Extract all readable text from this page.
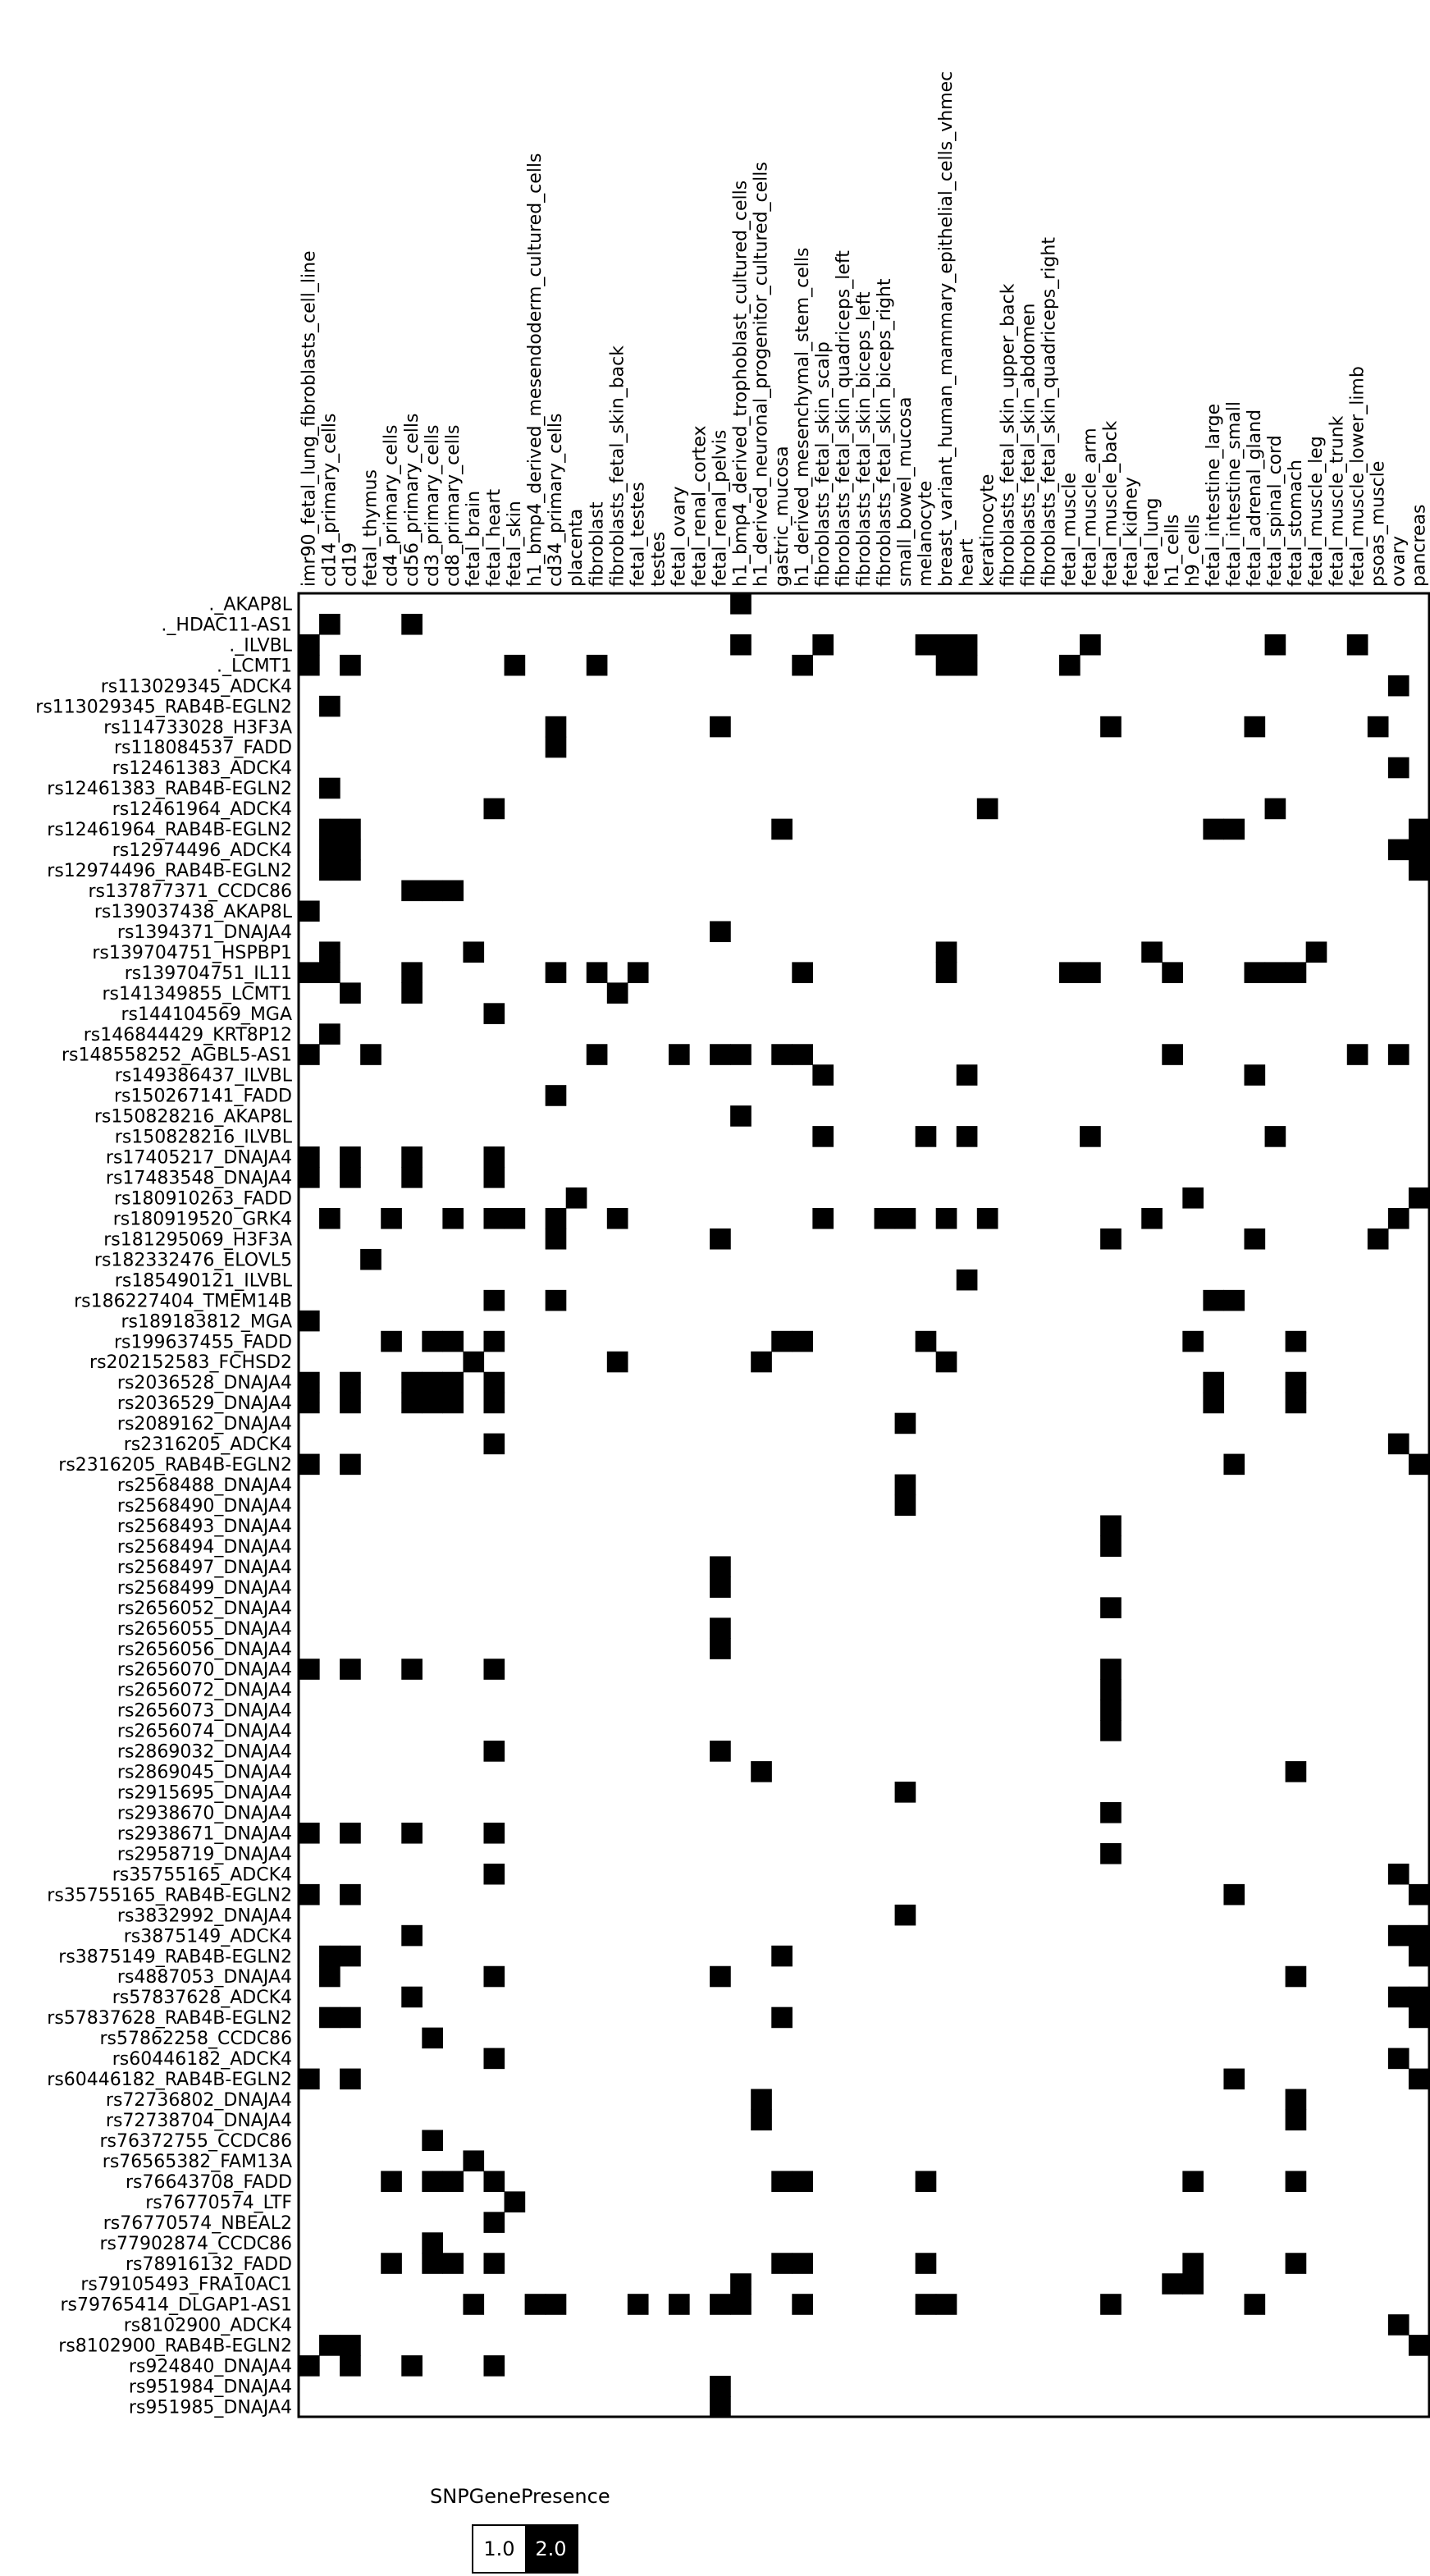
imr90_fetal_lung_fibroblasts_cell_line cd14_primary_cells cd19 fetal_thymus cd4_primary_cells cd56_primary_cells cd3_primary_cells cd8_primary_cells fetal_brain fetal_heart fetal_skin h1_bmp4_derived_mesendoderm_cultured_cells cd34_primary_cells placenta fibroblast fibroblasts_fetal_skin_back fetal_testes testes fetal_ovary fetal_renal_cortex fetal_renal_pelvis h1_bmp4_derived_trophoblast_cultured_cells h1_derived_neuronal_progenitor_cultured_cells gastric_mucosa h1_derived_mesenchymal_stem_cells fibroblasts_fetal_skin_scalp fibroblasts_fetal_skin_quadriceps_left fibroblasts_fetal_skin_biceps_left fibroblasts_fetal_skin_biceps_right small_bowel_mucosa melanocyte breast_variant_human_mammary_epithelial_cells_vhmec heart keratinocyte fibroblasts_fetal_skin_upper_back fibroblasts_fetal_skin_abdomen fibroblasts_fetal_skin_quadriceps_right fetal_muscle fetal_muscle_arm fetal_muscle_back fetal_kidney fetal_lung h1_cells h9_cells fetal_intestine_large fetal_intestine_small fetal_adrenal_gland fetal_spinal_cord fetal_stomach fetal_muscle_leg fetal_muscle_trunk fetal_muscle_lower_limb psoas_muscle ovary pancreas
._AKAP8L
._HDAC11-AS1
._ILVBL
._LCMT1
rs113029345_ADCK4
rs113029345_RAB4B-EGLN2
rs114733028_H3F3A
rs118084537_FADD
rs12461383_ADCK4
rs12461383_RAB4B-EGLN2
rs12461964_ADCK4
rs12461964_RAB4B-EGLN2
rs12974496_ADCK4
rs12974496_RAB4B-EGLN2
rs137877371_CCDC86
rs139037438_AKAP8L
rs1394371_DNAJA4
rs139704751_HSPBP1
rs139704751_IL11
rs141349855_LCMT1
rs144104569_MGA
rs146844429_KRT8P12
rs148558252_AGBL5-AS1
rs149386437_ILVBL
rs150267141_FADD
rs150828216_AKAP8L
rs150828216_ILVBL
rs17405217_DNAJA4
rs17483548_DNAJA4
rs180910263_FADD
rs180919520_GRK4
rs181295069_H3F3A
rs182332476_ELOVL5
rs185490121_ILVBL
rs186227404_TMEM14B
rs189183812_MGA
rs199637455_FADD
rs202152583_FCHSD2
rs2036528_DNAJA4
rs2036529_DNAJA4
rs2089162_DNAJA4
rs2316205_ADCK4
rs2316205_RAB4B-EGLN2
rs2568488_DNAJA4
rs2568490_DNAJA4
rs2568493_DNAJA4
rs2568494_DNAJA4
rs2568497_DNAJA4
rs2568499_DNAJA4
rs2656052_DNAJA4
rs2656055_DNAJA4
rs2656056_DNAJA4
rs2656070_DNAJA4
rs2656072_DNAJA4
rs2656073_DNAJA4
rs2656074_DNAJA4
rs2869032_DNAJA4
rs2869045_DNAJA4
rs2915695_DNAJA4
rs2938670_DNAJA4
rs2938671_DNAJA4
rs2958719_DNAJA4
rs35755165_ADCK4
rs35755165_RAB4B-EGLN2
rs3832992_DNAJA4
rs3875149_ADCK4
rs3875149_RAB4B-EGLN2
rs4887053_DNAJA4
rs57837628_ADCK4
rs57837628_RAB4B-EGLN2
rs57862258_CCDC86
rs60446182_ADCK4
rs60446182_RAB4B-EGLN2
rs72736802_DNAJA4
rs72738704_DNAJA4
rs76372755_CCDC86
rs76565382_FAM13A
rs76643708_FADD
rs76770574_LTF
rs76770574_NBEAL2
rs77902874_CCDC86
rs78916132_FADD
rs79105493_FRA10AC1
rs79765414_DLGAP1-AS1
rs8102900_ADCK4
rs8102900_RAB4B-EGLN2
rs924840_DNAJA4
rs951984_DNAJA4
rs951985_DNAJA4
SNPGenePresence
1.0	2.0
